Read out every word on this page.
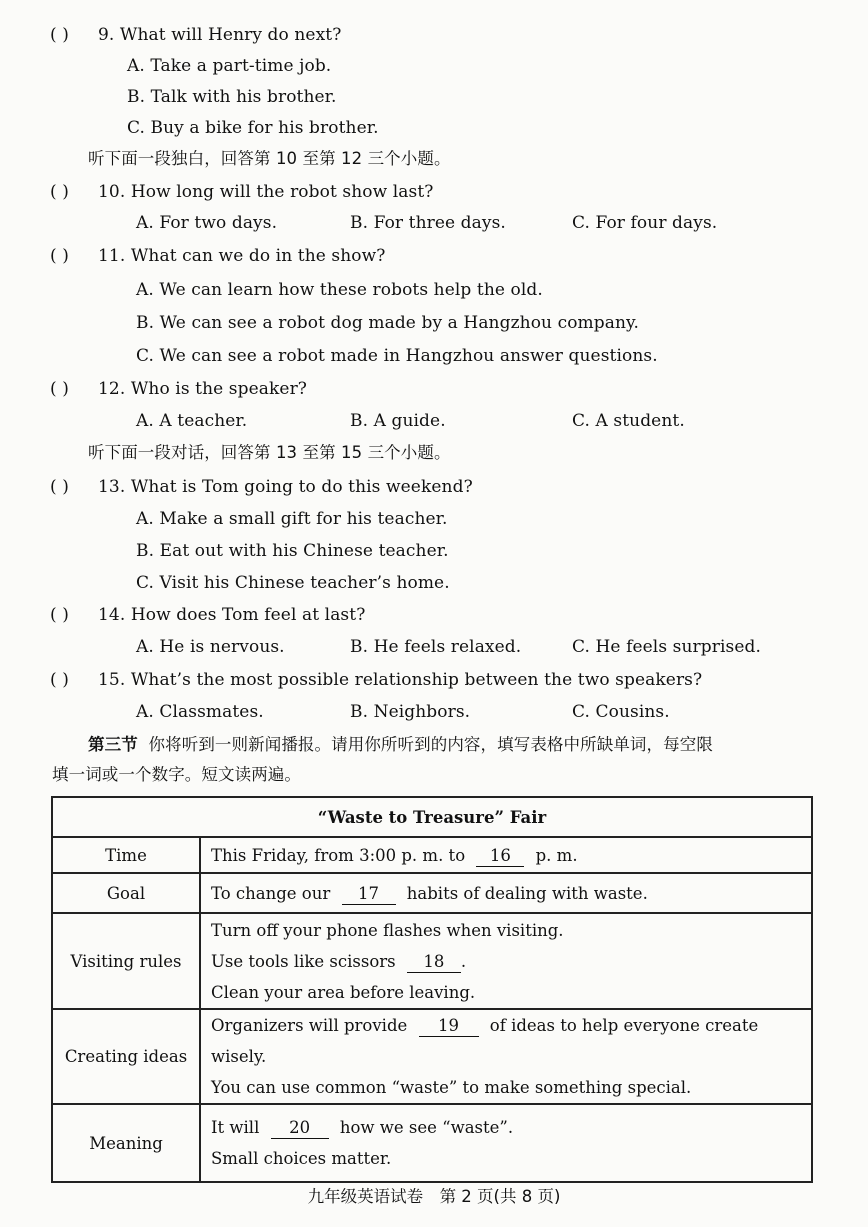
( ) 9. What will Henry do next?
A. Take a part-time job.
B. Talk with his brother.
C. Buy a bike for his brother.
听下面一段独白，回答第 10 至第 12 三个小题。
( ) 10. How long will the robot show last?
A. For two days.	B. For three days.	C. For four days.
( ) 11. What can we do in the show?
A. We can learn how these robots help the old.
B. We can see a robot dog made by a Hangzhou company.
C. We can see a robot made in Hangzhou answer questions.
( ) 12. Who is the speaker?
A. A teacher.	B. A guide.	C. A student.
听下面一段对话，回答第 13 至第 15 三个小题。
( ) 13. What is Tom going to do this weekend?
A. Make a small gift for his teacher.
B. Eat out with his Chinese teacher.
C. Visit his Chinese teacher’s home.
( ) 14. How does Tom feel at last?
A. He is nervous.	B. He feels relaxed.	C. He feels surprised.
( ) 15. What’s the most possible relationship between the two speakers?
A. Classmates.	B. Neighbors.	C. Cousins.
第三节 你将听到一则新闻播报。请用你所听到的内容，填写表格中所缺单词，每空限
填一词或一个数字。短文读两遍。
“Waste to Treasure” Fair	
Time	This Friday, from 3:00 p. m. to 16 p. m.
Goal	To change our 17 habits of dealing with waste.
Visiting rules	Turn off your phone flashes when visiting.
Use tools like scissors 18 .
Clean your area before leaving.

Creating ideas	Organizers will provide 19 of ideas to help everyone create wisely.
You can use common “waste” to make something special.

Meaning	It will 20 how we see “waste”.
Small choices matter.
九年级英语试卷　第 2 页(共 8 页)
